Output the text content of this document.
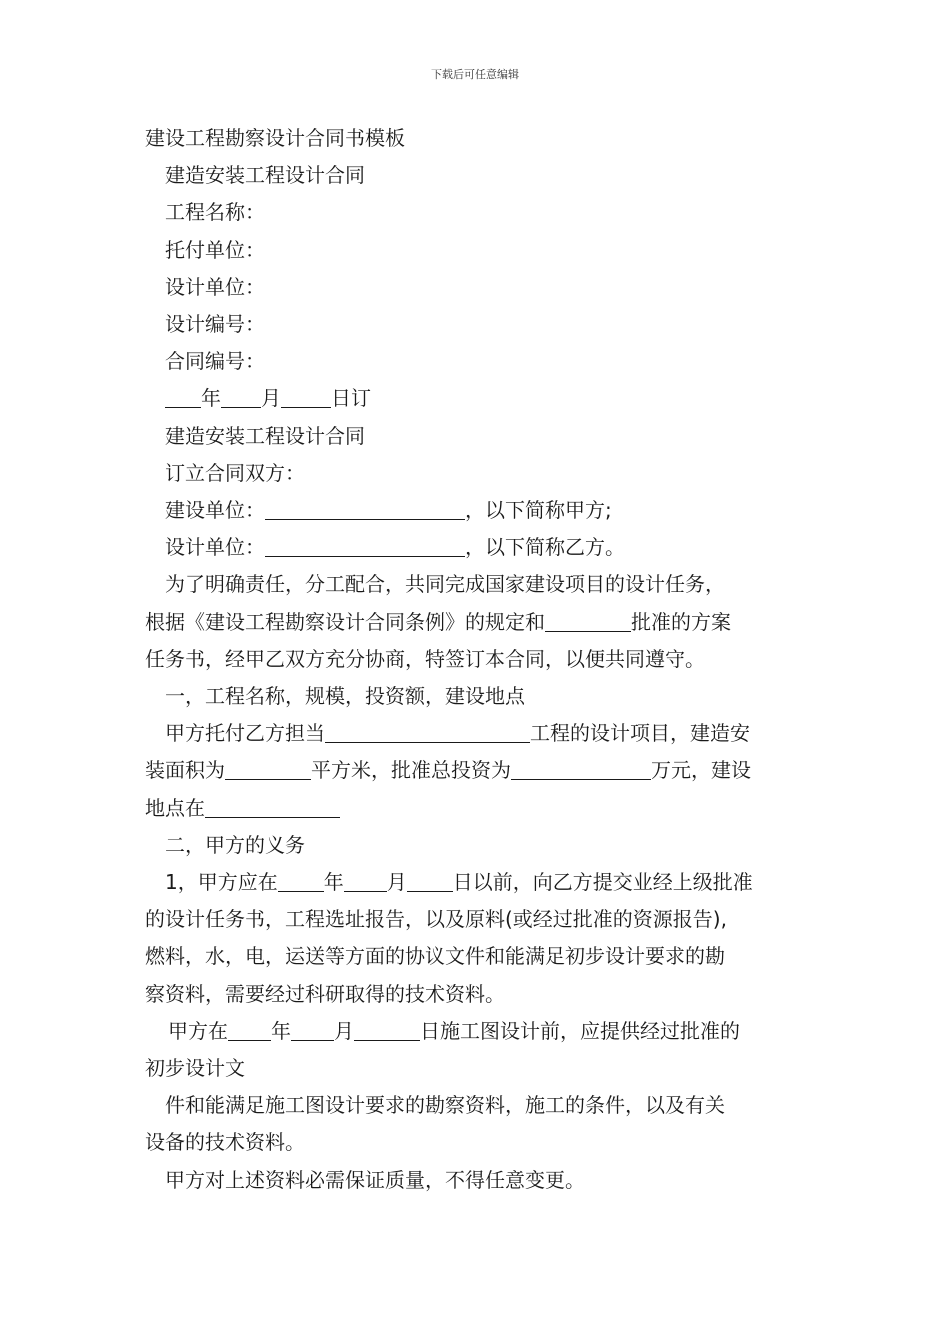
下载后可任意编辑
建设工程勘察设计合同书模板
建造安装工程设计合同
工程名称：
托付单位：
设计单位：
设计编号：
合同编号：
年 月	日订
建造安装工程设计合同
订立合同双方：
建设单位：	，以下简称甲方;
设计单位：	，以下简称乙方。
为了明确责任，分工配合，共同完成国家建设项目的设计任务，
根据《建设工程勘察设计合同条例》的规定和	批准的方案
任务书，经甲乙双方充分协商，特签订本合同，以便共同遵守。
一，工程名称，规模，投资额，建设地点
甲方托付乙方担当	工程的设计项目，建造安
装面积为	平方米，批准总投资为	万元，建设
地点在
二，甲方的义务
1，甲方应在 年 月 日以前，向乙方提交业经上级批准
的设计任务书，工程选址报告，以及原料(或经过批准的资源报告),
燃料，水，电，运送等方面的协议文件和能满足初步设计要求的勘
察资料，需要经过科研取得的技术资料。
甲方在 年 月	日施工图设计前，应提供经过批准的
初步设计文
件和能满足施工图设计要求的勘察资料，施工的条件，以及有关
设备的技术资料。
甲方对上述资料必需保证质量，不得任意变更。
